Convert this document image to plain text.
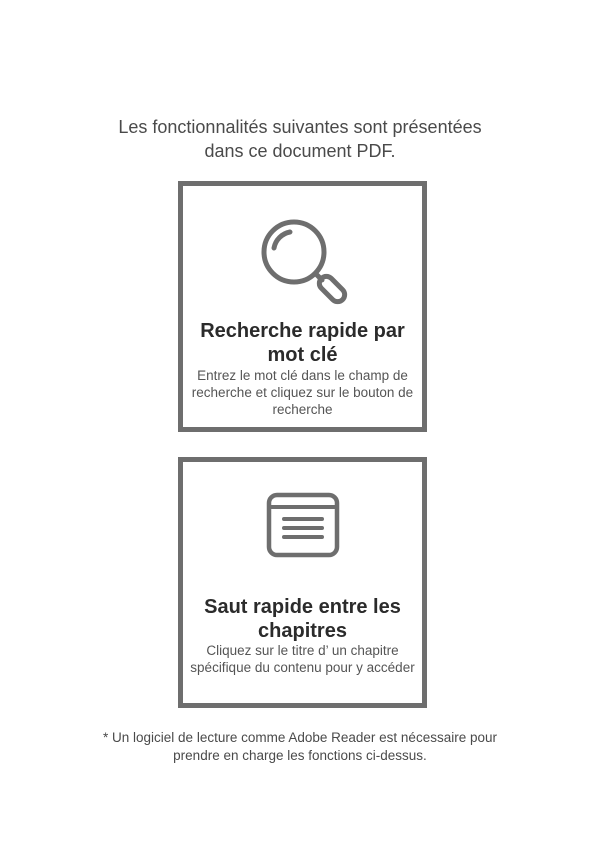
Les fonctionnalités suivantes sont présentées
dans ce document PDF.
Recherche rapide par
mot clé
Entrez le mot clé dans le champ de
recherche et cliquez sur le bouton de
recherche
Saut rapide entre les
chapitres
Cliquez sur le titre d’ un chapitre
spécifique du contenu pour y accéder
* Un logiciel de lecture comme Adobe Reader est nécessaire pour
prendre en charge les fonctions ci-dessus.
